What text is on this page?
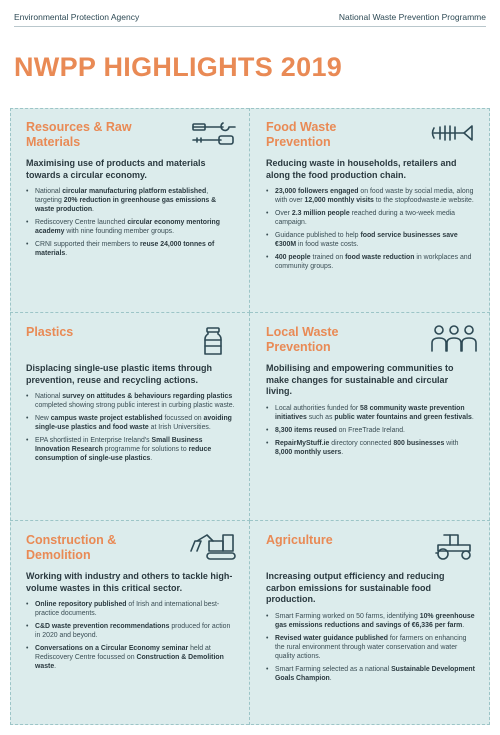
Environmental Protection Agency	National Waste Prevention Programme
NWPP HIGHLIGHTS 2019
Resources & Raw Materials
Maximising use of products and materials towards a circular economy.
• National circular manufacturing platform established, targeting 20% reduction in greenhouse gas emissions & waste production.
• Rediscovery Centre launched circular economy mentoring academy with nine founding member groups.
• CRNI supported their members to reuse 24,000 tonnes of materials.
Food Waste Prevention
Reducing waste in households, retailers and along the food production chain.
• 23,000 followers engaged on food waste by social media, along with over 12,000 monthly visits to the stopfoodwaste.ie website.
• Over 2.3 million people reached during a two-week media campaign.
• Guidance published to help food service businesses save €300M in food waste costs.
• 400 people trained on food waste reduction in workplaces and community groups.
Plastics
Displacing single-use plastic items through prevention, reuse and recycling actions.
• National survey on attitudes & behaviours regarding plastics completed showing strong public interest in curbing plastic waste.
• New campus waste project established focussed on avoiding single-use plastics and food waste at Irish Universities.
• EPA shortlisted in Enterprise Ireland's Small Business Innovation Research programme for solutions to reduce consumption of single-use plastics.
Local Waste Prevention
Mobilising and empowering communities to make changes for sustainable and circular living.
• Local authorities funded for 58 community waste prevention initiatives such as public water fountains and green festivals.
• 8,300 items reused on FreeTrade Ireland.
• RepairMyStuff.ie directory connected 800 businesses with 8,000 monthly users.
Construction & Demolition
Working with industry and others to tackle high-volume wastes in this critical sector.
• Online repository published of Irish and international best-practice documents.
• C&D waste prevention recommendations produced for action in 2020 and beyond.
• Conversations on a Circular Economy seminar held at Rediscovery Centre focussed on Construction & Demolition waste.
Agriculture
Increasing output efficiency and reducing carbon emissions for sustainable food production.
• Smart Farming worked on 50 farms, identifying 10% greenhouse gas emissions reductions and savings of €6,336 per farm.
• Revised water guidance published for farmers on enhancing the rural environment through water conservation and water quality actions.
• Smart Farming selected as a national Sustainable Development Goals Champion.
